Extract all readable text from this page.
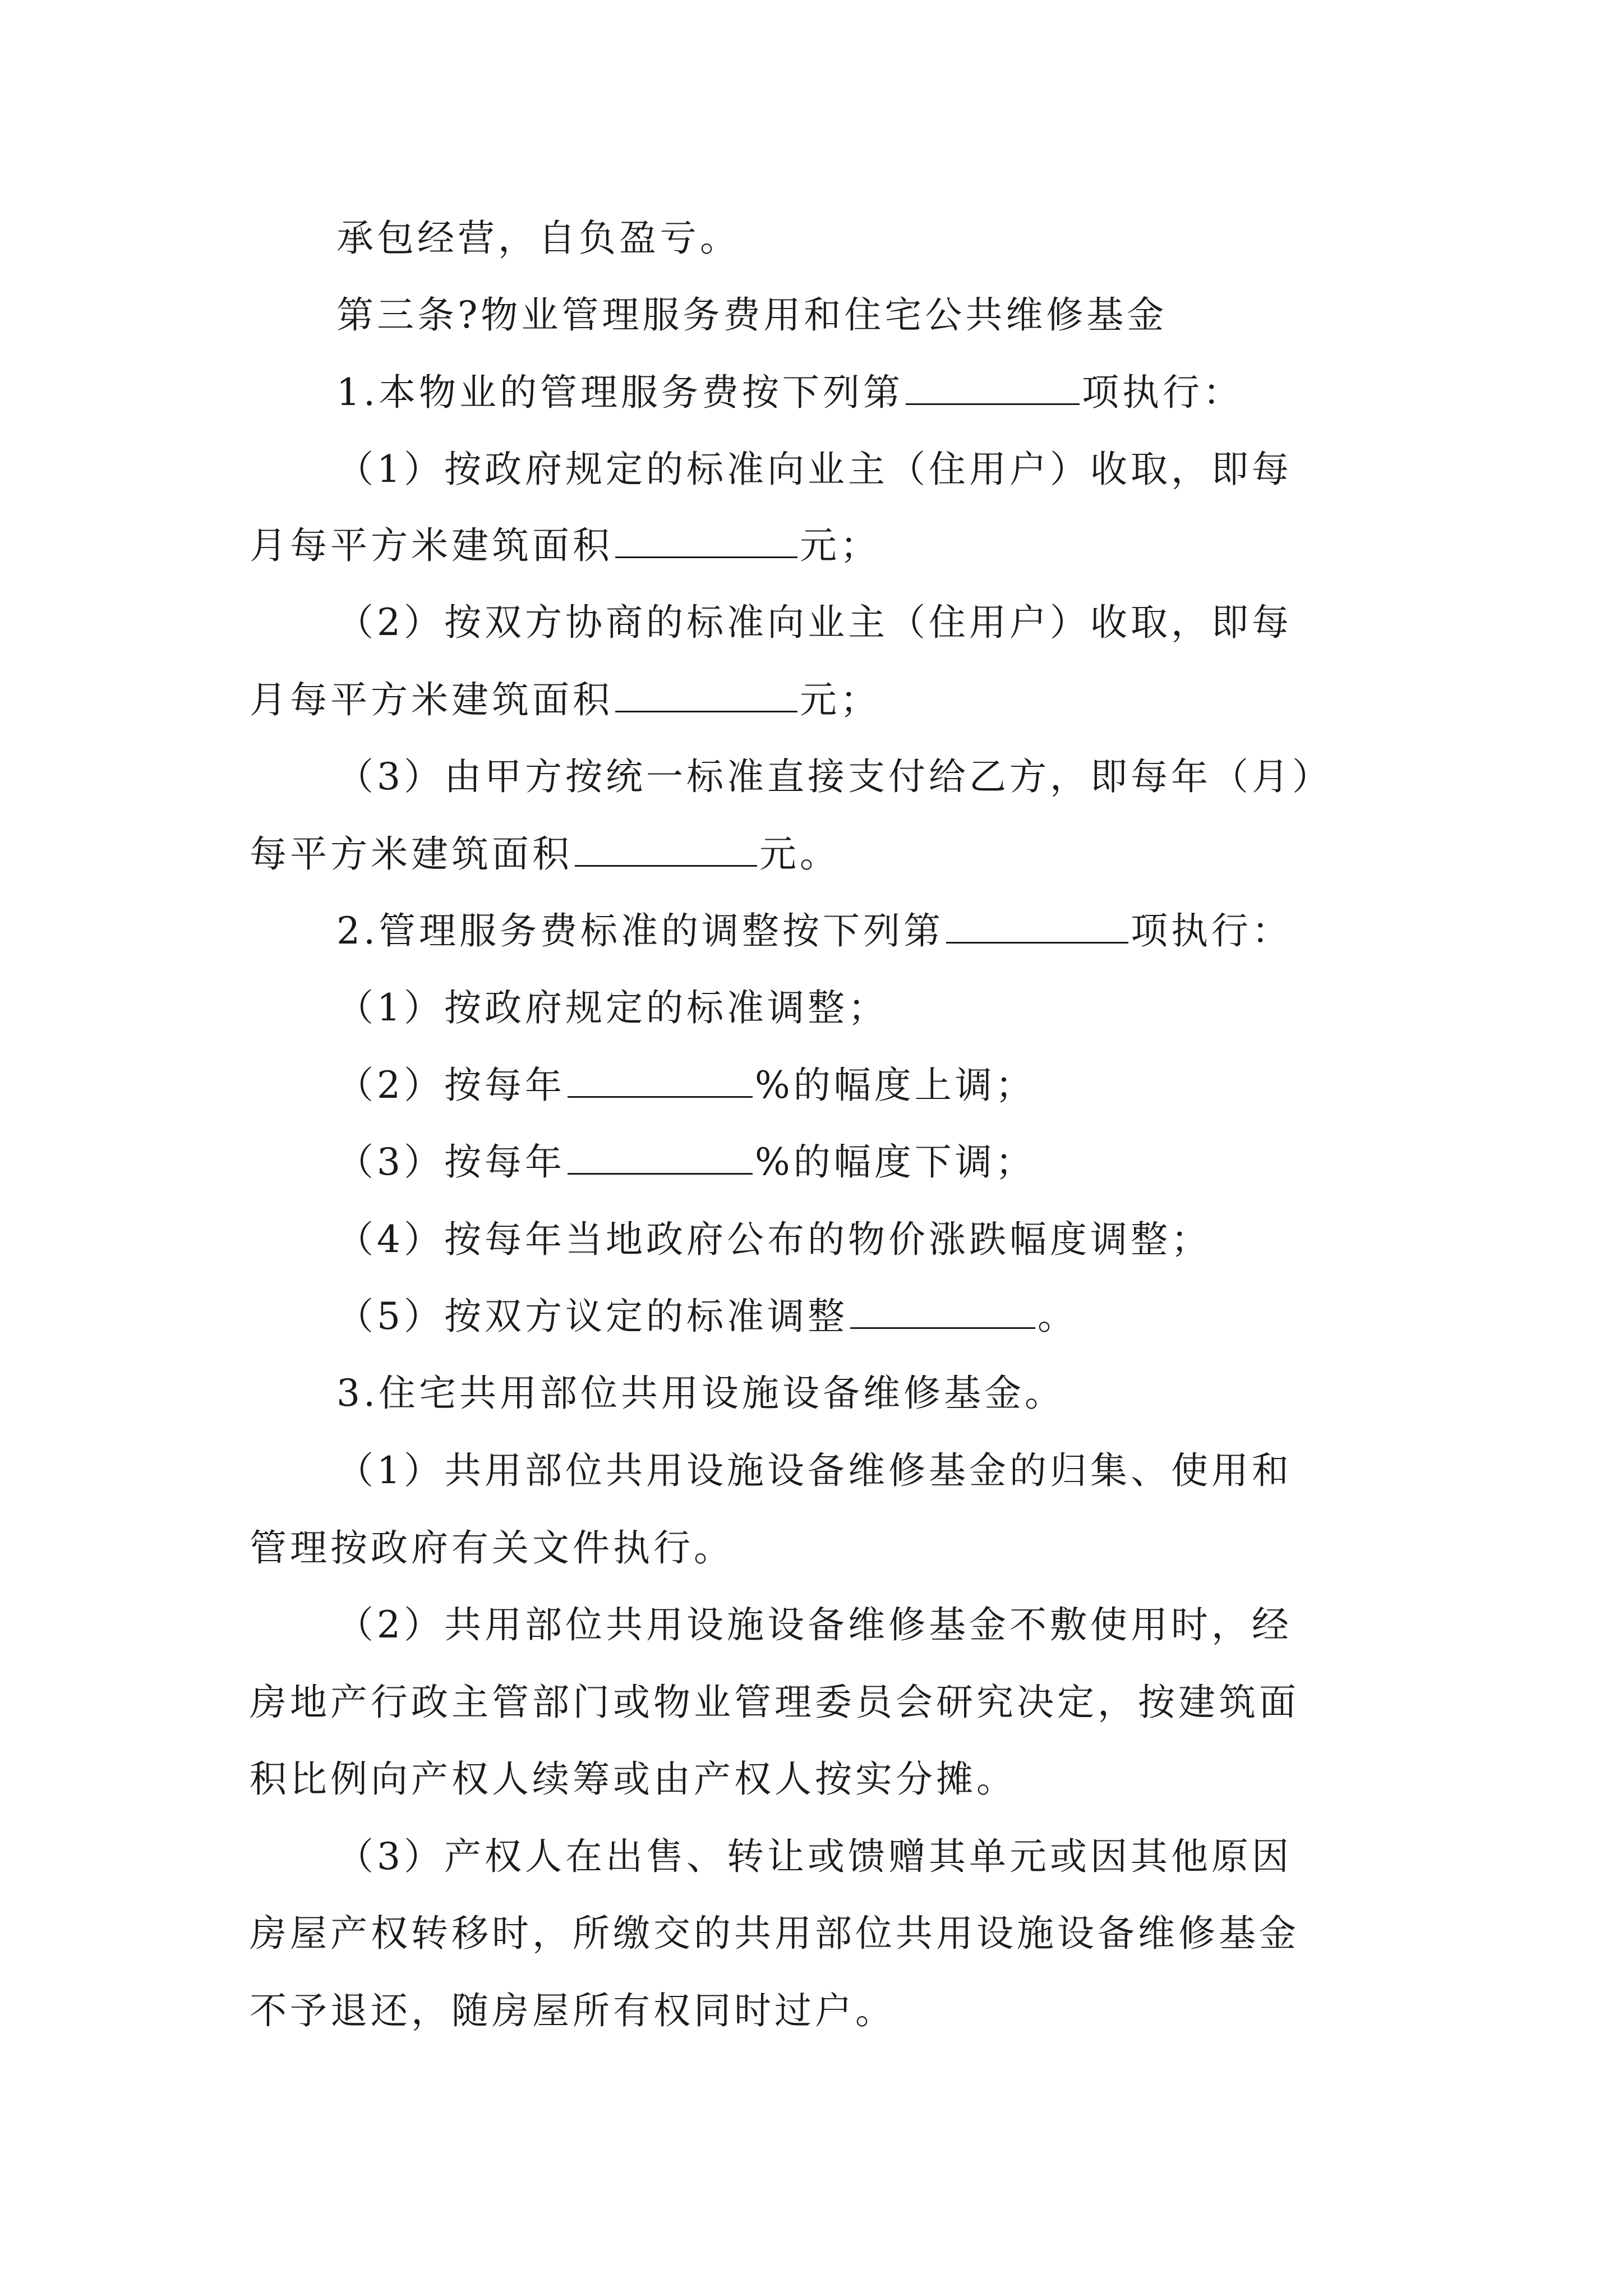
承包经营，自负盈亏。
第三条?物业管理服务费用和住宅公共维修基金
1.本物业的管理服务费按下列第	项执行：
（1）按政府规定的标准向业主（住用户）收取，即每
月每平方米建筑面积	元；
（2）按双方协商的标准向业主（住用户）收取，即每
月每平方米建筑面积	元；
（3）由甲方按统一标准直接支付给乙方，即每年（月）
每平方米建筑面积	元。
2.管理服务费标准的调整按下列第	项执行：
（1）按政府规定的标准调整；
（2）按每年	%的幅度上调；
（3）按每年	%的幅度下调；
（4）按每年当地政府公布的物价涨跌幅度调整；
（5）按双方议定的标准调整	。
3.住宅共用部位共用设施设备维修基金。
（1）共用部位共用设施设备维修基金的归集、使用和
管理按政府有关文件执行。
（2）共用部位共用设施设备维修基金不敷使用时，经
房地产行政主管部门或物业管理委员会研究决定，按建筑面
积比例向产权人续筹或由产权人按实分摊。
（3）产权人在出售、转让或馈赠其单元或因其他原因
房屋产权转移时，所缴交的共用部位共用设施设备维修基金
不予退还，随房屋所有权同时过户。
